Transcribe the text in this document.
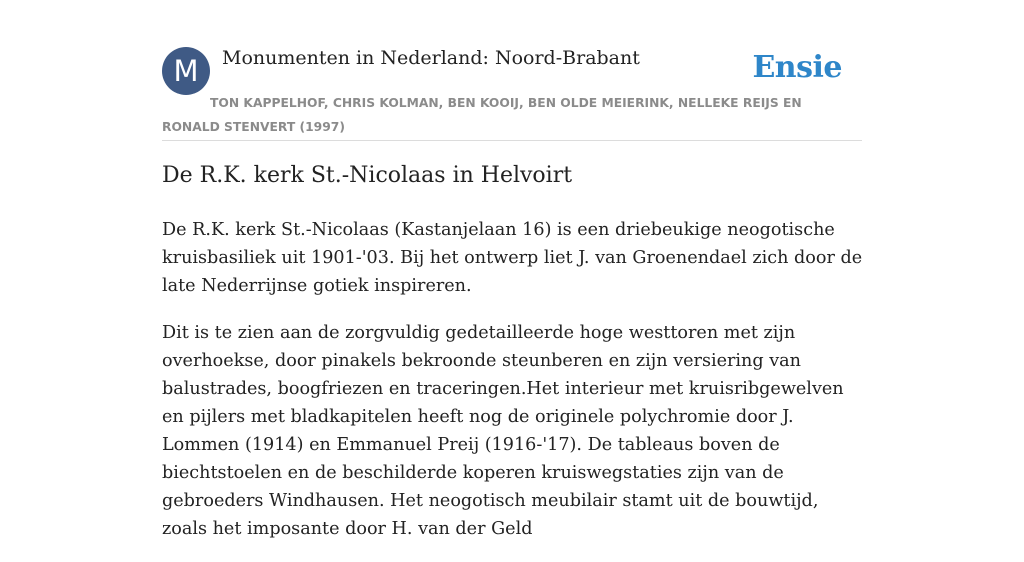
M	Monumenten in Nederland: Noord-Brabant	Ensie
TON KAPPELHOF, CHRIS KOLMAN, BEN KOOIJ, BEN OLDE MEIERINK, NELLEKE REIJS EN RONALD STENVERT (1997)
De R.K. kerk St.-Nicolaas in Helvoirt

De R.K. kerk St.-Nicolaas (Kastanjelaan 16) is een driebeukige neogotische kruisbasiliek uit 1901-'03. Bij het ontwerp liet J. van Groenendael zich door de late Nederrijnse gotiek inspireren.

Dit is te zien aan de zorgvuldig gedetailleerde hoge westtoren met zijn overhoekse, door pinakels bekroonde steunberen en zijn versiering van balustrades, boogfriezen en traceringen.Het interieur met kruisribgewelven en pijlers met bladkapitelen heeft nog de originele polychromie door J. Lommen (1914) en Emmanuel Preij (1916-'17). De tableaus boven de biechtstoelen en de beschilderde koperen kruiswegstaties zijn van de gebroeders Windhausen. Het neogotisch meubilair stamt uit de bouwtijd, zoals het imposante door H. van der Geld
